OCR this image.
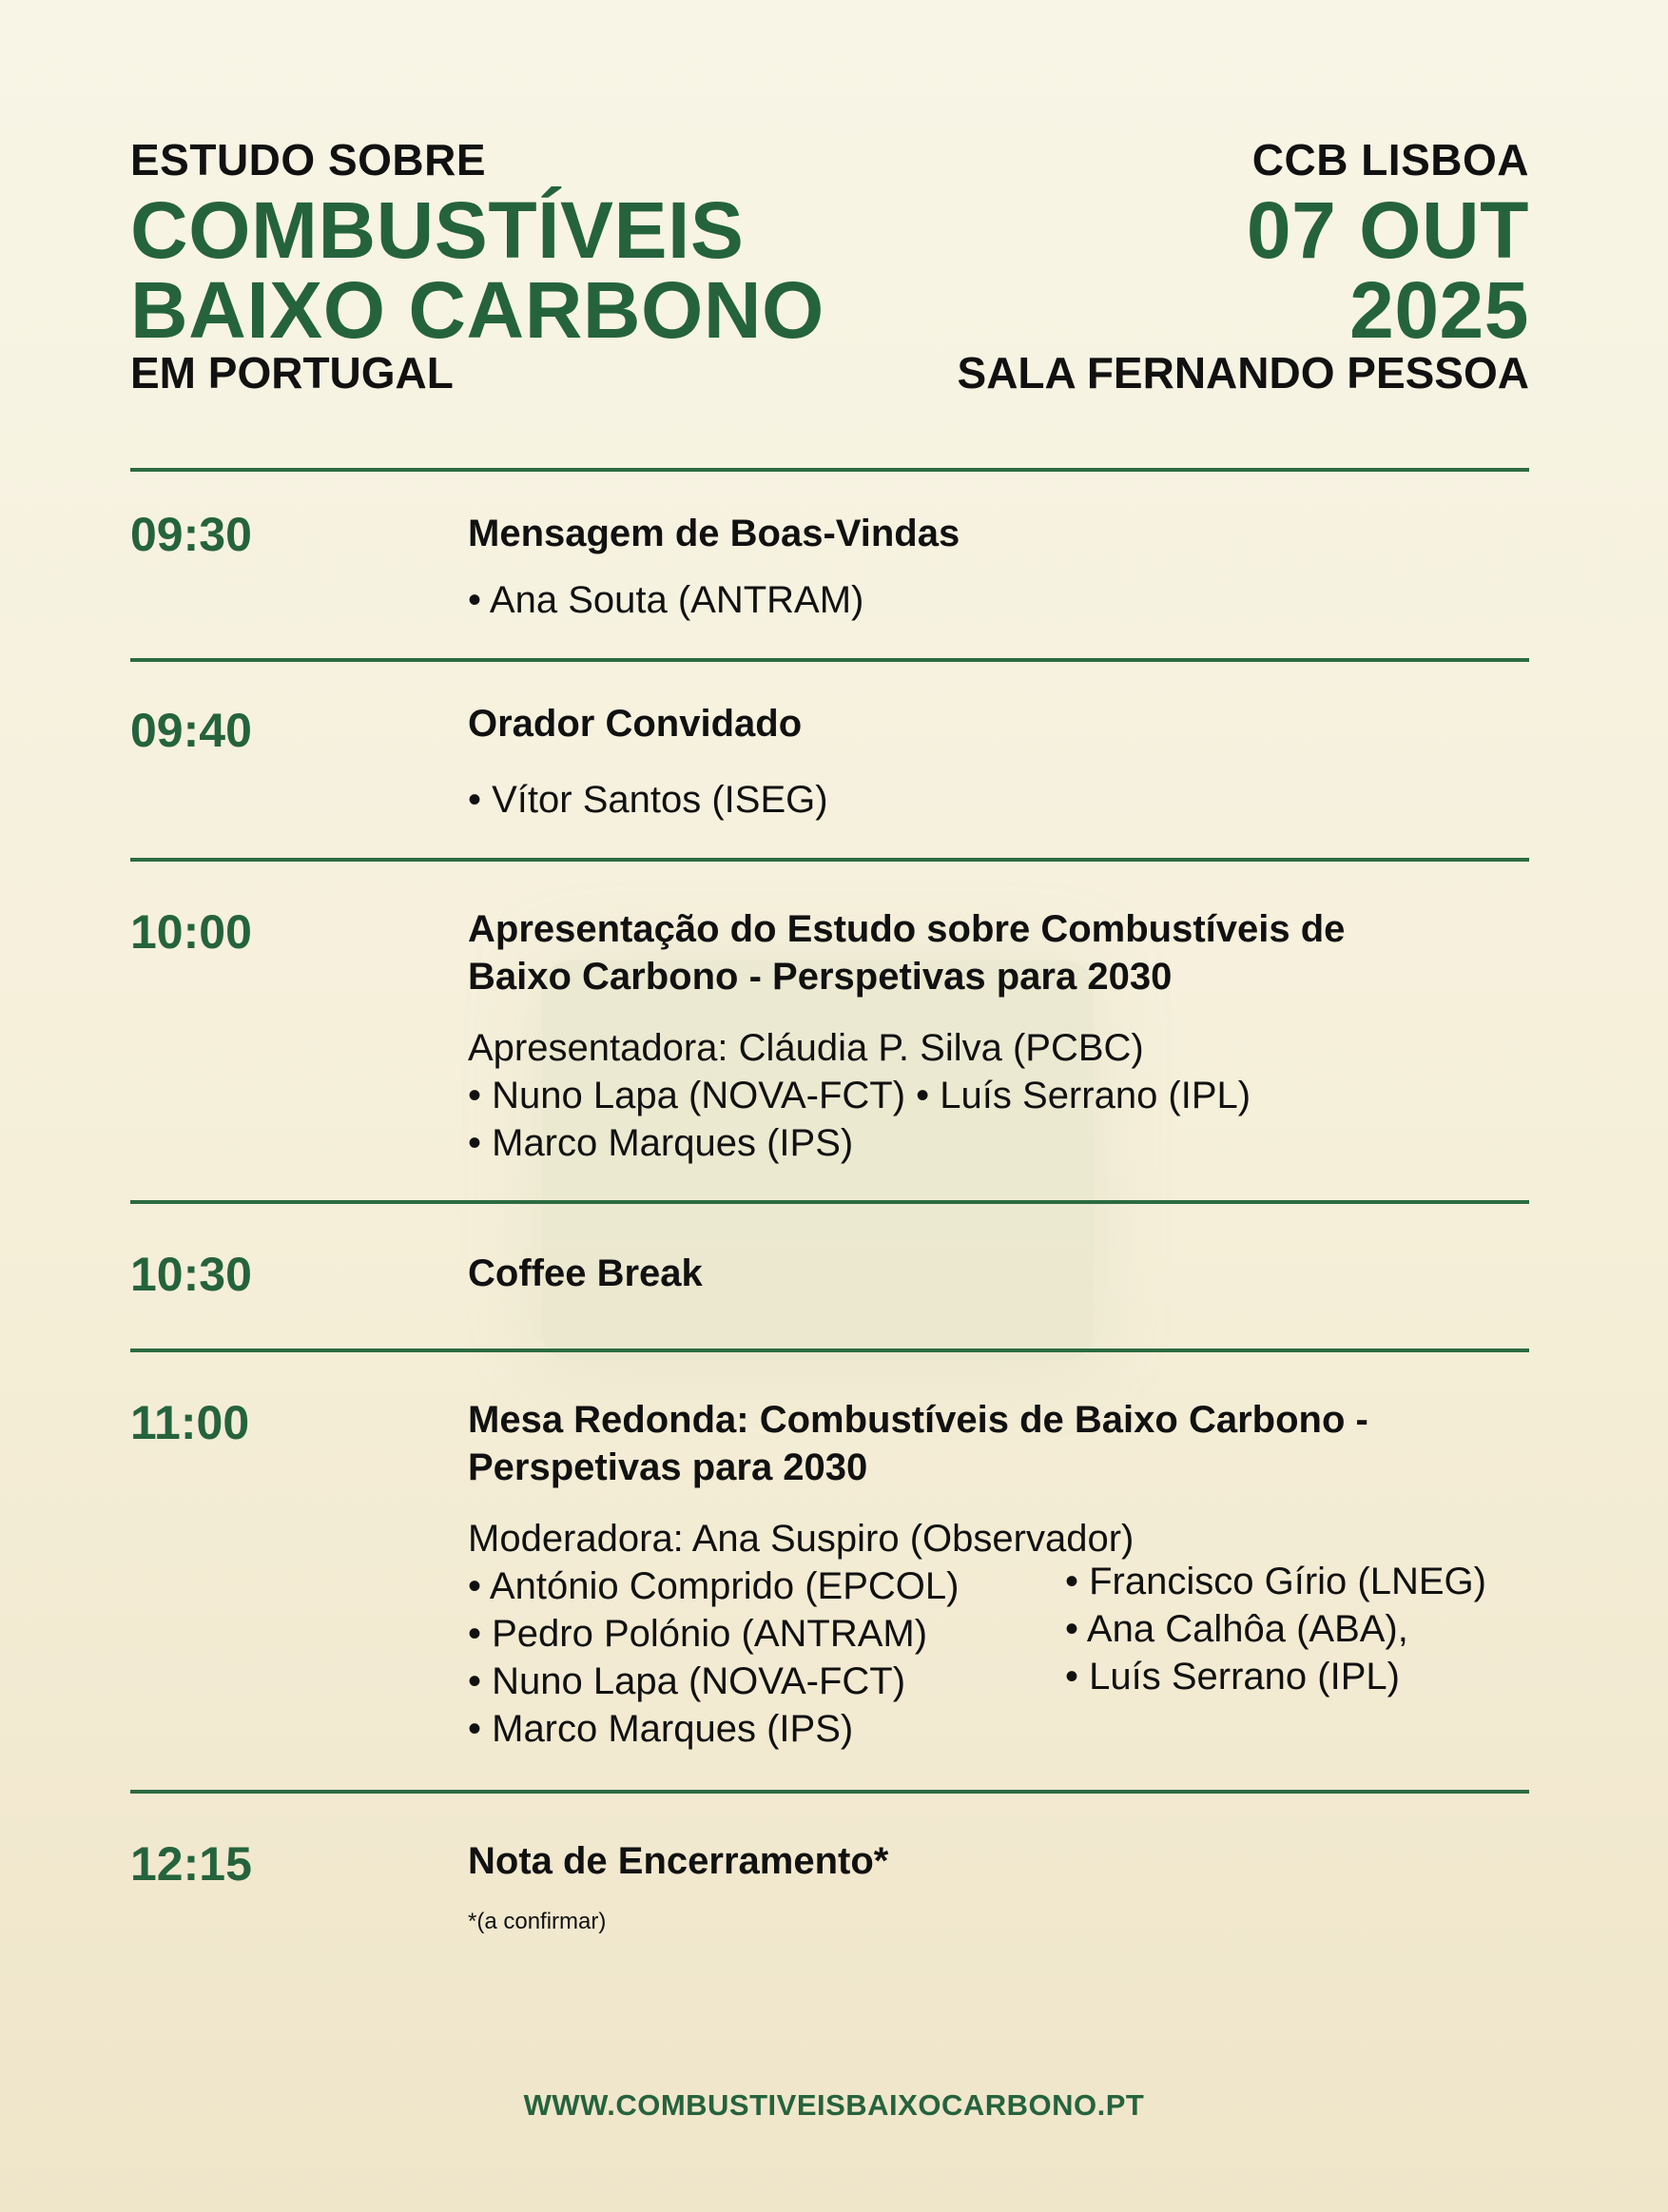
ESTUDO SOBRE
COMBUSTÍVEIS
BAIXO CARBONO
EM PORTUGAL
CCB LISBOA
07 OUT
2025
SALA FERNANDO PESSOA
09:30	Mensagem de Boas-Vindas
• Ana Souta (ANTRAM)
09:40	Orador Convidado
• Vítor Santos (ISEG)
10:00	Apresentação do Estudo sobre Combustíveis de
Baixo Carbono - Perspetivas para 2030
Apresentadora: Cláudia P. Silva (PCBC)
• Nuno Lapa (NOVA-FCT) • Luís Serrano (IPL)
• Marco Marques (IPS)
10:30	Coffee Break
11:00	Mesa Redonda: Combustíveis de Baixo Carbono -
Perspetivas para 2030
Moderadora: Ana Suspiro (Observador)
• António Comprido (EPCOL)
• Pedro Polónio (ANTRAM)
• Nuno Lapa (NOVA-FCT)
• Marco Marques (IPS)
• Francisco Gírio (LNEG)
• Ana Calhôa (ABA),
• Luís Serrano (IPL)
12:15	Nota de Encerramento*
*(a confirmar)
WWW.COMBUSTIVEISBAIXOCARBONO.PT
